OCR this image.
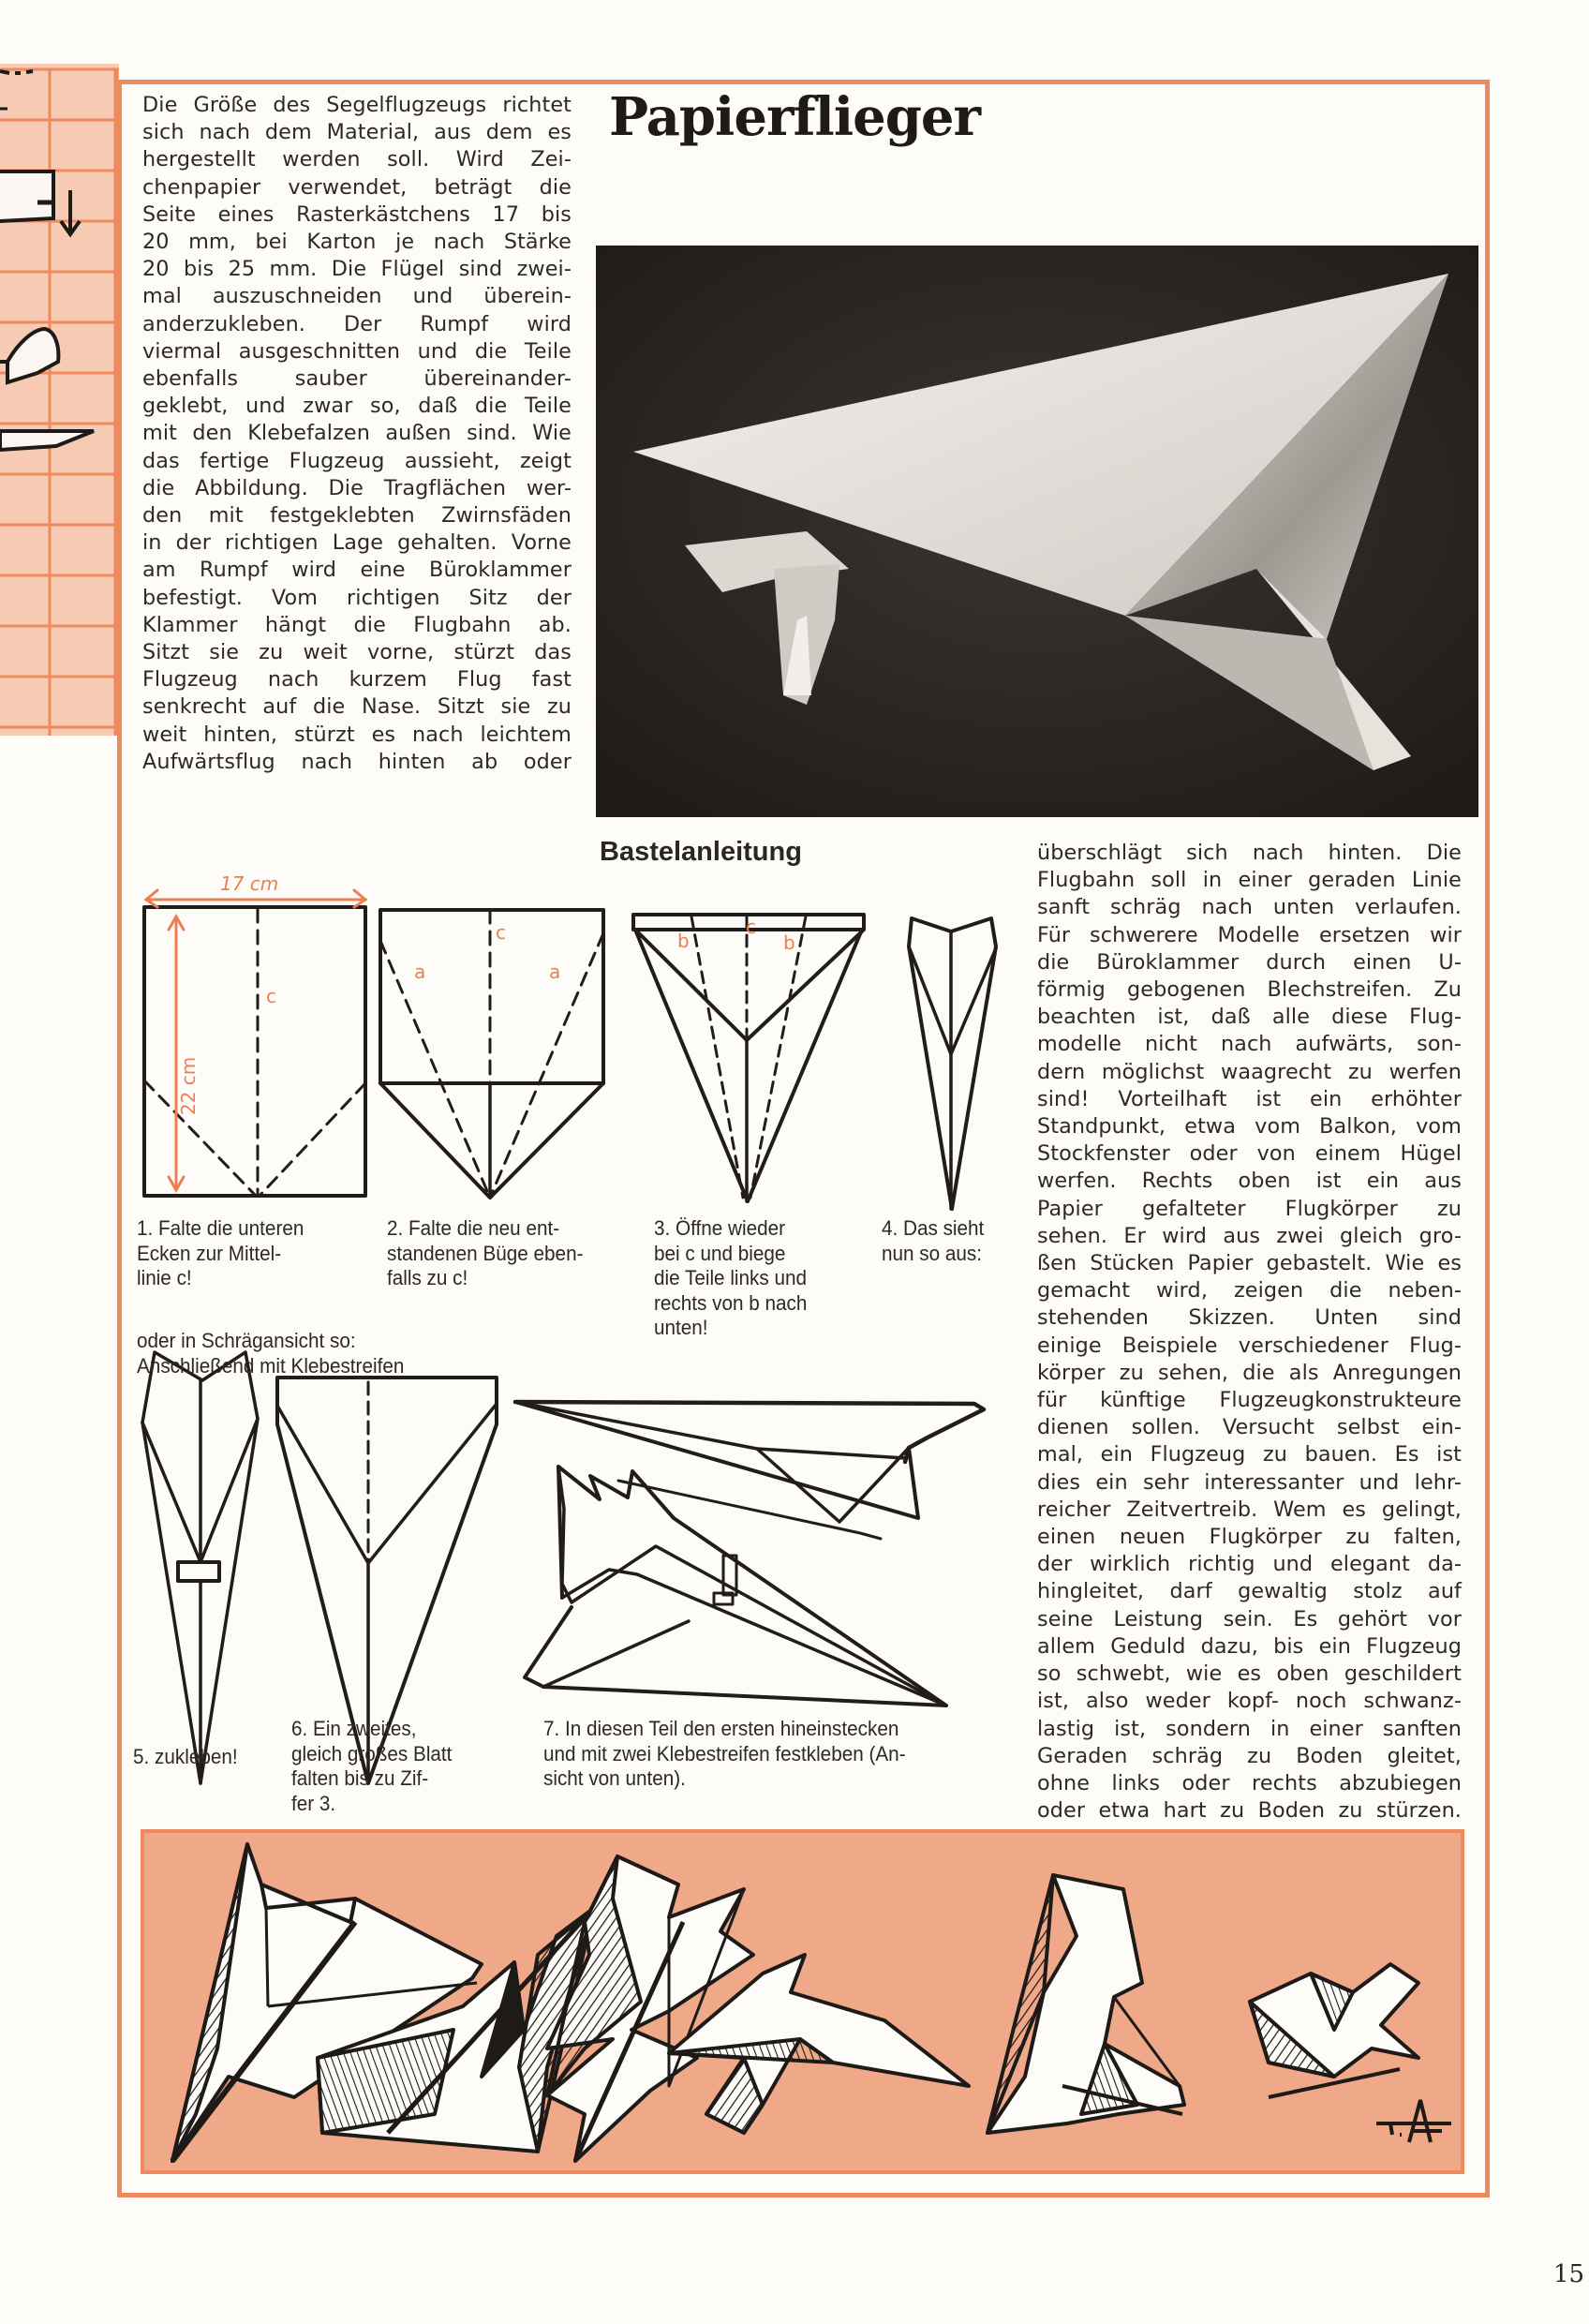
Die Größe des Segelflugzeugs richtet
sich nach dem Material, aus dem es
hergestellt werden soll. Wird Zei-
chenpapier verwendet, beträgt die
Seite eines Rasterkästchens 17 bis
20 mm, bei Karton je nach Stärke
20 bis 25 mm. Die Flügel sind zwei-
mal auszuschneiden und überein-
anderzukleben. Der Rumpf wird
viermal ausgeschnitten und die Teile
ebenfalls sauber übereinander-
geklebt, und zwar so, daß die Teile
mit den Klebefalzen außen sind. Wie
das fertige Flugzeug aussieht, zeigt
die Abbildung. Die Tragflächen wer-
den mit festgeklebten Zwirnsfäden
in der richtigen Lage gehalten. Vorne
am Rumpf wird eine Büroklammer
befestigt. Vom richtigen Sitz der
Klammer hängt die Flugbahn ab.
Sitzt sie zu weit vorne, stürzt das
Flugzeug nach kurzem Flug fast
senkrecht auf die Nase. Sitzt sie zu
weit hinten, stürzt es nach leichtem
Aufwärtsflug nach hinten ab oder
Papierflieger
Bastelanleitung	überschlägt sich nach hinten. Die
Flugbahn soll in einer geraden Linie
sanft schräg nach unten verlaufen.
Für schwerere Modelle ersetzen wir
die Büroklammer durch einen U-
förmig gebogenen Blechstreifen. Zu
beachten ist, daß alle diese Flug-
modelle nicht nach aufwärts, son-
dern möglichst waagrecht zu werfen
sind! Vorteilhaft ist ein erhöhter
Standpunkt, etwa vom Balkon, vom
Stockfenster oder von einem Hügel
werfen. Rechts oben ist ein aus
Papier gefalteter Flugkörper zu
sehen. Er wird aus zwei gleich gro-
ßen Stücken Papier gebastelt. Wie es
gemacht wird, zeigen die neben-
stehenden Skizzen. Unten sind
einige Beispiele verschiedener Flug-
körper zu sehen, die als Anregungen
für künftige Flugzeugkonstrukteure
dienen sollen. Versucht selbst ein-
mal, ein Flugzeug zu bauen. Es ist
dies ein sehr interessanter und lehr-
reicher Zeitvertreib. Wem es gelingt,
einen neuen Flugkörper zu falten,
der wirklich richtig und elegant da-
hingleitet, darf gewaltig stolz auf
seine Leistung sein. Es gehört vor
allem Geduld dazu, bis ein Flugzeug
so schwebt, wie es oben geschildert
ist, also weder kopf- noch schwanz-
lastig ist, sondern in einer sanften
Geraden schräg zu Boden gleitet,
ohne links oder rechts abzubiegen
oder etwa hart zu Boden zu stürzen.
17 cm
22 cm
c
a	a
c	b
c
b
1. Falte die unteren
Ecken zur Mittel-
linie c!
2. Falte die neu ent-
standenen Büge eben-
falls zu c!
3. Öffne wieder
bei c und biege
die Teile links und
rechts von b nach
unten!
4. Das sieht
nun so aus:
oder in Schrägansicht so:
Anschließend mit Klebestreifen
5. zukleben!
6. Ein zweites,
gleich großes Blatt
falten bis zu Zif-
fer 3.
7. In diesen Teil den ersten hineinstecken
und mit zwei Klebestreifen festkleben (An-
sicht von unten).
15
